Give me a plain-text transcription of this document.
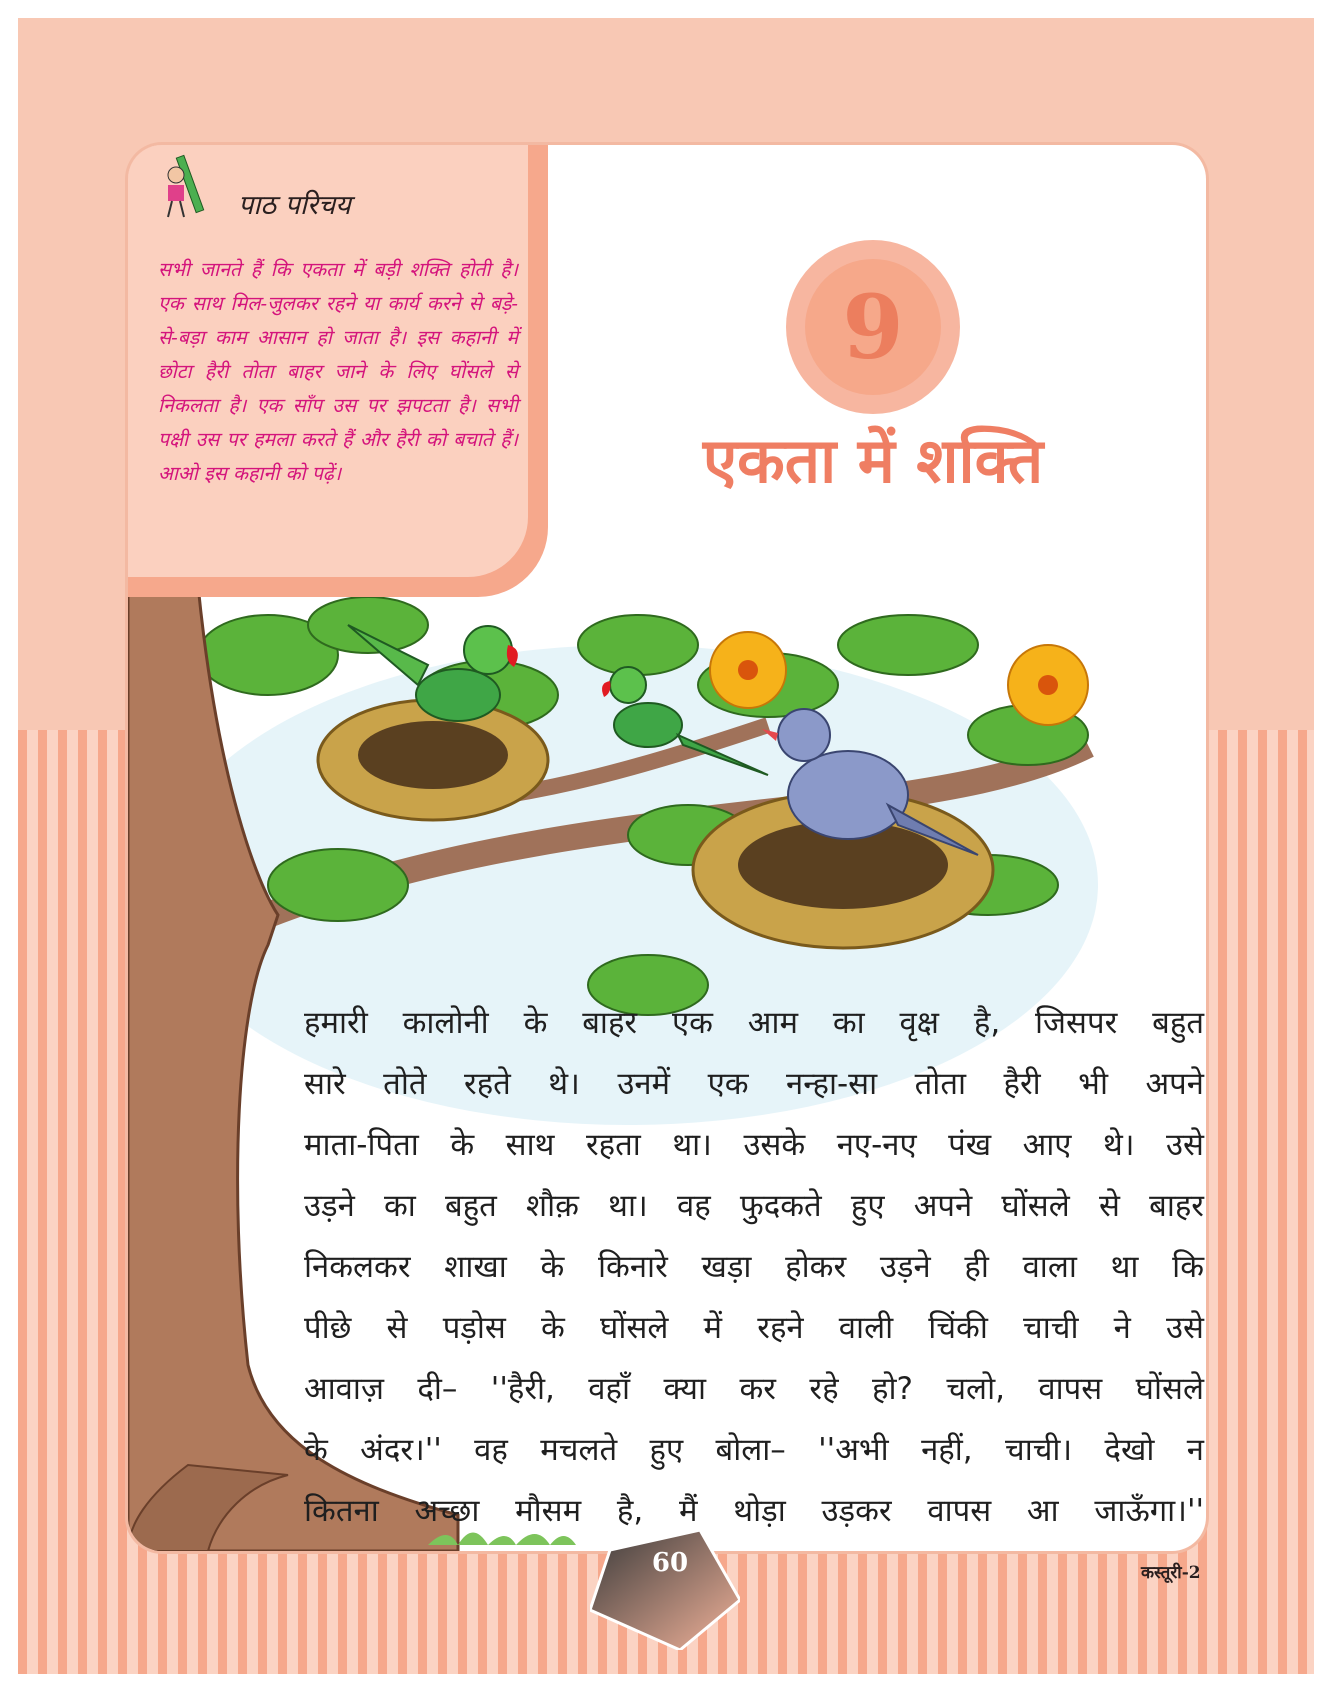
पाठ परिचय
सभी जानते हैं कि एकता में बड़ी शक्ति होती है। एक साथ मिल-जुलकर रहने या कार्य करने से बड़े-से-बड़ा काम आसान हो जाता है। इस कहानी में छोटा हैरी तोता बाहर जाने के लिए घोंसले से निकलता है। एक साँप उस पर झपटता है। सभी पक्षी उस पर हमला करते हैं और हैरी को बचाते हैं। आओ इस कहानी को पढ़ें।
9
एकता में शक्ति

हमारी कालोनी के बाहर एक आम का वृक्ष है, जिसपर बहुत

सारे तोते रहते थे। उनमें एक नन्हा-सा तोता हैरी भी अपने

माता-पिता के साथ रहता था। उसके नए-नए पंख आए थे। उसे

उड़ने का बहुत शौक़ था। वह फुदकते हुए अपने घोंसले से बाहर

निकलकर शाखा के किनारे खड़ा होकर उड़ने ही वाला था कि

पीछे से पड़ोस के घोंसले में रहने वाली चिंकी चाची ने उसे

आवाज़ दी– ''हैरी, वहाँ क्या कर रहे हो? चलो, वापस घोंसले

के अंदर।'' वह मचलते हुए बोला– ''अभी नहीं, चाची। देखो न

कितना अच्छा मौसम है, मैं थोड़ा उड़कर वापस आ जाऊँगा।''

कस्तूरी-2
60
